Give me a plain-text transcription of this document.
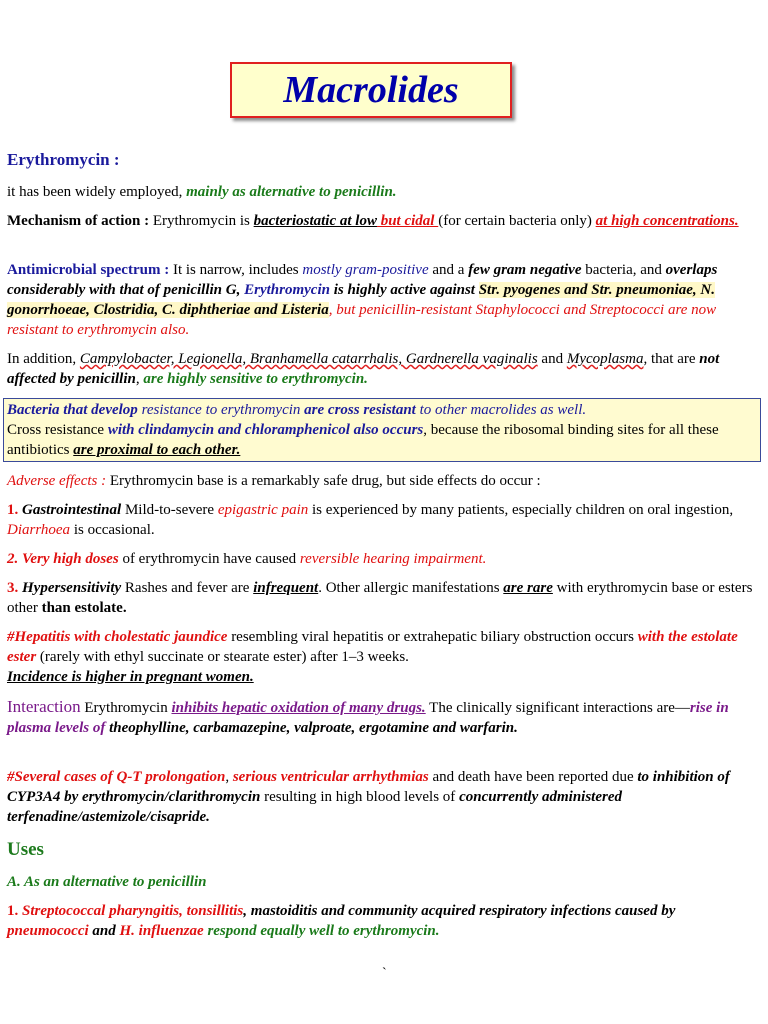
Macrolides
Erythromycin :
it has been widely employed, mainly as alternative to penicillin.
Mechanism of action : Erythromycin is bacteriostatic at low but cidal (for certain bacteria only) at high concentrations.
Antimicrobial spectrum : It is narrow, includes mostly gram-positive and a few gram negative bacteria, and overlaps considerably with that of penicillin G, Erythromycin is highly active against Str. pyogenes and Str. pneumoniae, N. gonorrhoeae, Clostridia, C. diphtheriae and Listeria, but penicillin-resistant Staphylococci and Streptococci are now resistant to erythromycin also.
In addition, Campylobacter, Legionella, Branhamella catarrhalis, Gardnerella vaginalis and Mycoplasma, that are not affected by penicillin, are highly sensitive to erythromycin.
Bacteria that develop resistance to erythromycin are cross resistant to other macrolides as well.
Cross resistance with clindamycin and chloramphenicol also occurs, because the ribosomal binding sites for all these antibiotics are proximal to each other.
Adverse effects : Erythromycin base is a remarkably safe drug, but side effects do occur :
1. Gastrointestinal Mild-to-severe epigastric pain is experienced by many patients, especially children on oral ingestion, Diarrhoea is occasional.
2. Very high doses of erythromycin have caused reversible hearing impairment.
3. Hypersensitivity Rashes and fever are infrequent. Other allergic manifestations are rare with erythromycin base or esters other than estolate.
#Hepatitis with cholestatic jaundice resembling viral hepatitis or extrahepatic biliary obstruction occurs with the estolate ester (rarely with ethyl succinate or stearate ester) after 1–3 weeks.
Incidence is higher in pregnant women.
Interaction Erythromycin inhibits hepatic oxidation of many drugs. The clinically significant interactions are—rise in plasma levels of theophylline, carbamazepine, valproate, ergotamine and warfarin.
#Several cases of Q-T prolongation, serious ventricular arrhythmias and death have been reported due to inhibition of CYP3A4 by erythromycin/clarithromycin resulting in high blood levels of concurrently administered terfenadine/astemizole/cisapride.
Uses
A. As an alternative to penicillin
1. Streptococcal pharyngitis, tonsillitis, mastoiditis and community acquired respiratory infections caused by pneumococci and H. influenzae respond equally well to erythromycin.
`
